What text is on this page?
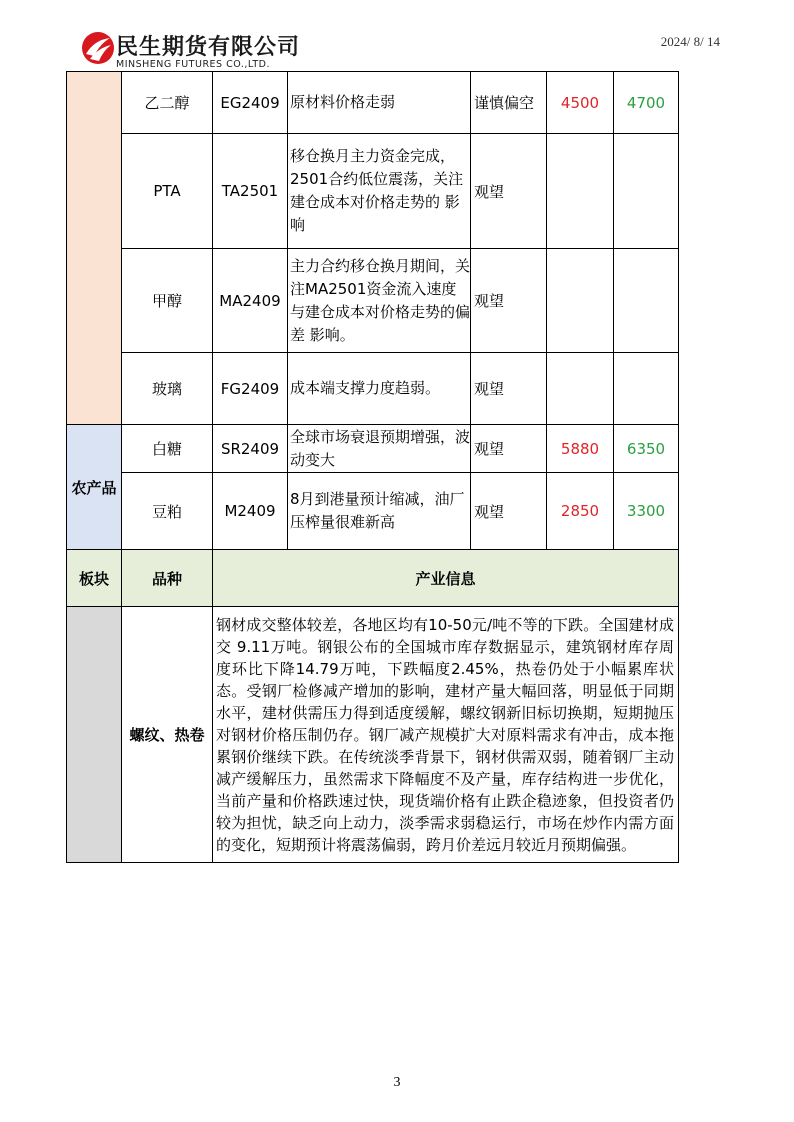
民生期货有限公司
MINSHENG FUTURES CO.,LTD.
2024/ 8/ 14
	乙二醇	EG2409	原材料价格走弱	谨慎偏空	4500	4700
	PTA	TA2501	移仓换月主力资金完成，2501合约低位震荡，关注建仓成本对价格走势的 影响	观望		
	甲醇	MA2409	主力合约移仓换月期间，关注MA2501资金流入速度与建仓成本对价格走势的偏差 影响。	观望		
	玻璃	FG2409	成本端支撑力度趋弱。	观望		
农产品	白糖	SR2409	全球市场衰退预期增强，波动变大	观望	5880	6350
	豆粕	M2409	8月到港量预计缩减，油厂压榨量很难新高	观望	2850	3300
板块	品种	产业信息				
	螺纹、热卷	钢材成交整体较差，各地区均有10-50元/吨不等的下跌。全国建材成交 9.11万吨。钢银公布的全国城市库存数据显示，建筑钢材库存周度环比下降14.79万吨，下跌幅度2.45%，热卷仍处于小幅累库状态。受钢厂检修减产增加的影响，建材产量大幅回落，明显低于同期水平，建材供需压力得到适度缓解，螺纹钢新旧标切换期，短期抛压对钢材价格压制仍存。钢厂减产规模扩大对原料需求有冲击，成本拖累钢价继续下跌。在传统淡季背景下，钢材供需双弱，随着钢厂主动减产缓解压力，虽然需求下降幅度不及产量，库存结构进一步优化，当前产量和价格跌速过快，现货端价格有止跌企稳迹象，但投资者仍较为担忧，缺乏向上动力，淡季需求弱稳运行，市场在炒作内需方面的变化，短期预计将震荡偏弱，跨月价差远月较近月预期偏强。				
3
